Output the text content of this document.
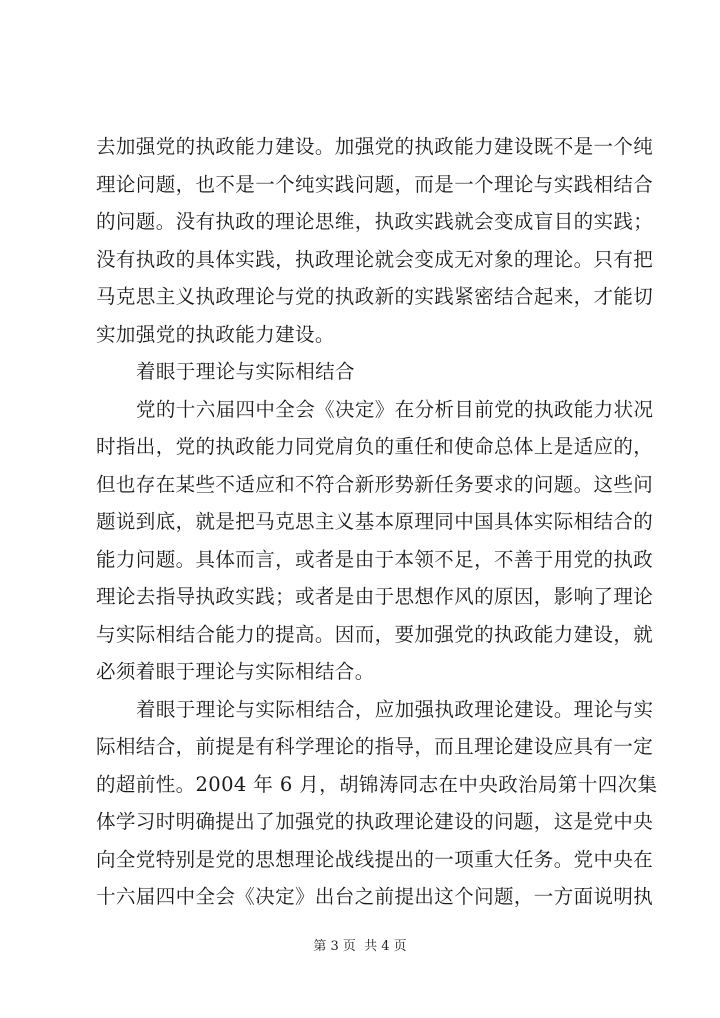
去加强党的执政能力建设。加强党的执政能力建设既不是一个纯
理论问题，也不是一个纯实践问题，而是一个理论与实践相结合
的问题。没有执政的理论思维，执政实践就会变成盲目的实践；
没有执政的具体实践，执政理论就会变成无对象的理论。只有把
马克思主义执政理论与党的执政新的实践紧密结合起来，才能切
实加强党的执政能力建设。
着眼于理论与实际相结合
党的十六届四中全会《决定》在分析目前党的执政能力状况
时指出，党的执政能力同党肩负的重任和使命总体上是适应的，
但也存在某些不适应和不符合新形势新任务要求的问题。这些问
题说到底，就是把马克思主义基本原理同中国具体实际相结合的
能力问题。具体而言，或者是由于本领不足，不善于用党的执政
理论去指导执政实践；或者是由于思想作风的原因，影响了理论
与实际相结合能力的提高。因而，要加强党的执政能力建设，就
必须着眼于理论与实际相结合。
着眼于理论与实际相结合，应加强执政理论建设。理论与实
际相结合，前提是有科学理论的指导，而且理论建设应具有一定
的超前性。2004 年 6 月，胡锦涛同志在中央政治局第十四次集
体学习时明确提出了加强党的执政理论建设的问题，这是党中央
向全党特别是党的思想理论战线提出的一项重大任务。党中央在
十六届四中全会《决定》出台之前提出这个问题，一方面说明执
第 3 页  共 4 页
